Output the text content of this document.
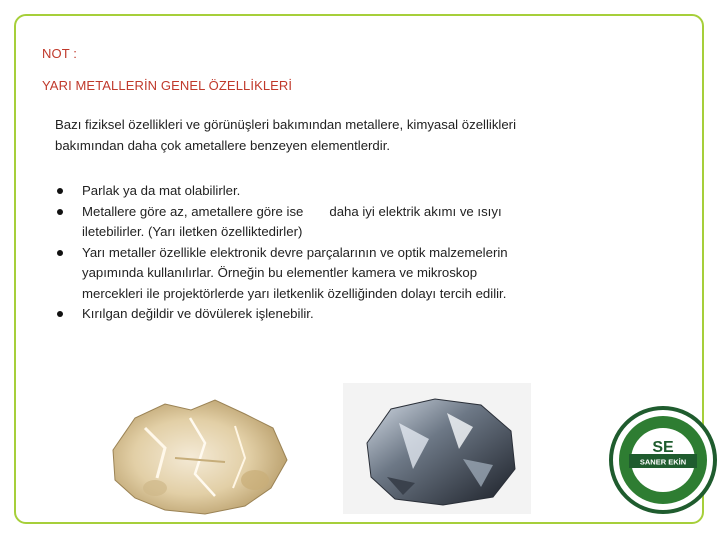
NOT :
YARI METALLERİN GENEL ÖZELLİKLERİ
Bazı fiziksel özellikleri ve görünüşleri bakımından metallere, kimyasal özellikleri bakımından daha çok ametallere benzeyen elementlerdir.
Parlak ya da mat olabilirler.
Metallere göre az, ametallere göre ise daha iyi elektrik akımı ve ısıyı iletebilirler. (Yarı iletken özelliktedirler)
Yarı metaller özellikle elektronik devre parçalarının ve optik malzemelerin yapımında kullanılırlar. Örneğin bu elementler kamera ve mikroskop mercekleri ile projektörlerde yarı iletkenlik özelliğinden dolayı tercih edilir.
Kırılgan değildir ve dövülerek işlenebilir.
SE
SANER EKİN
